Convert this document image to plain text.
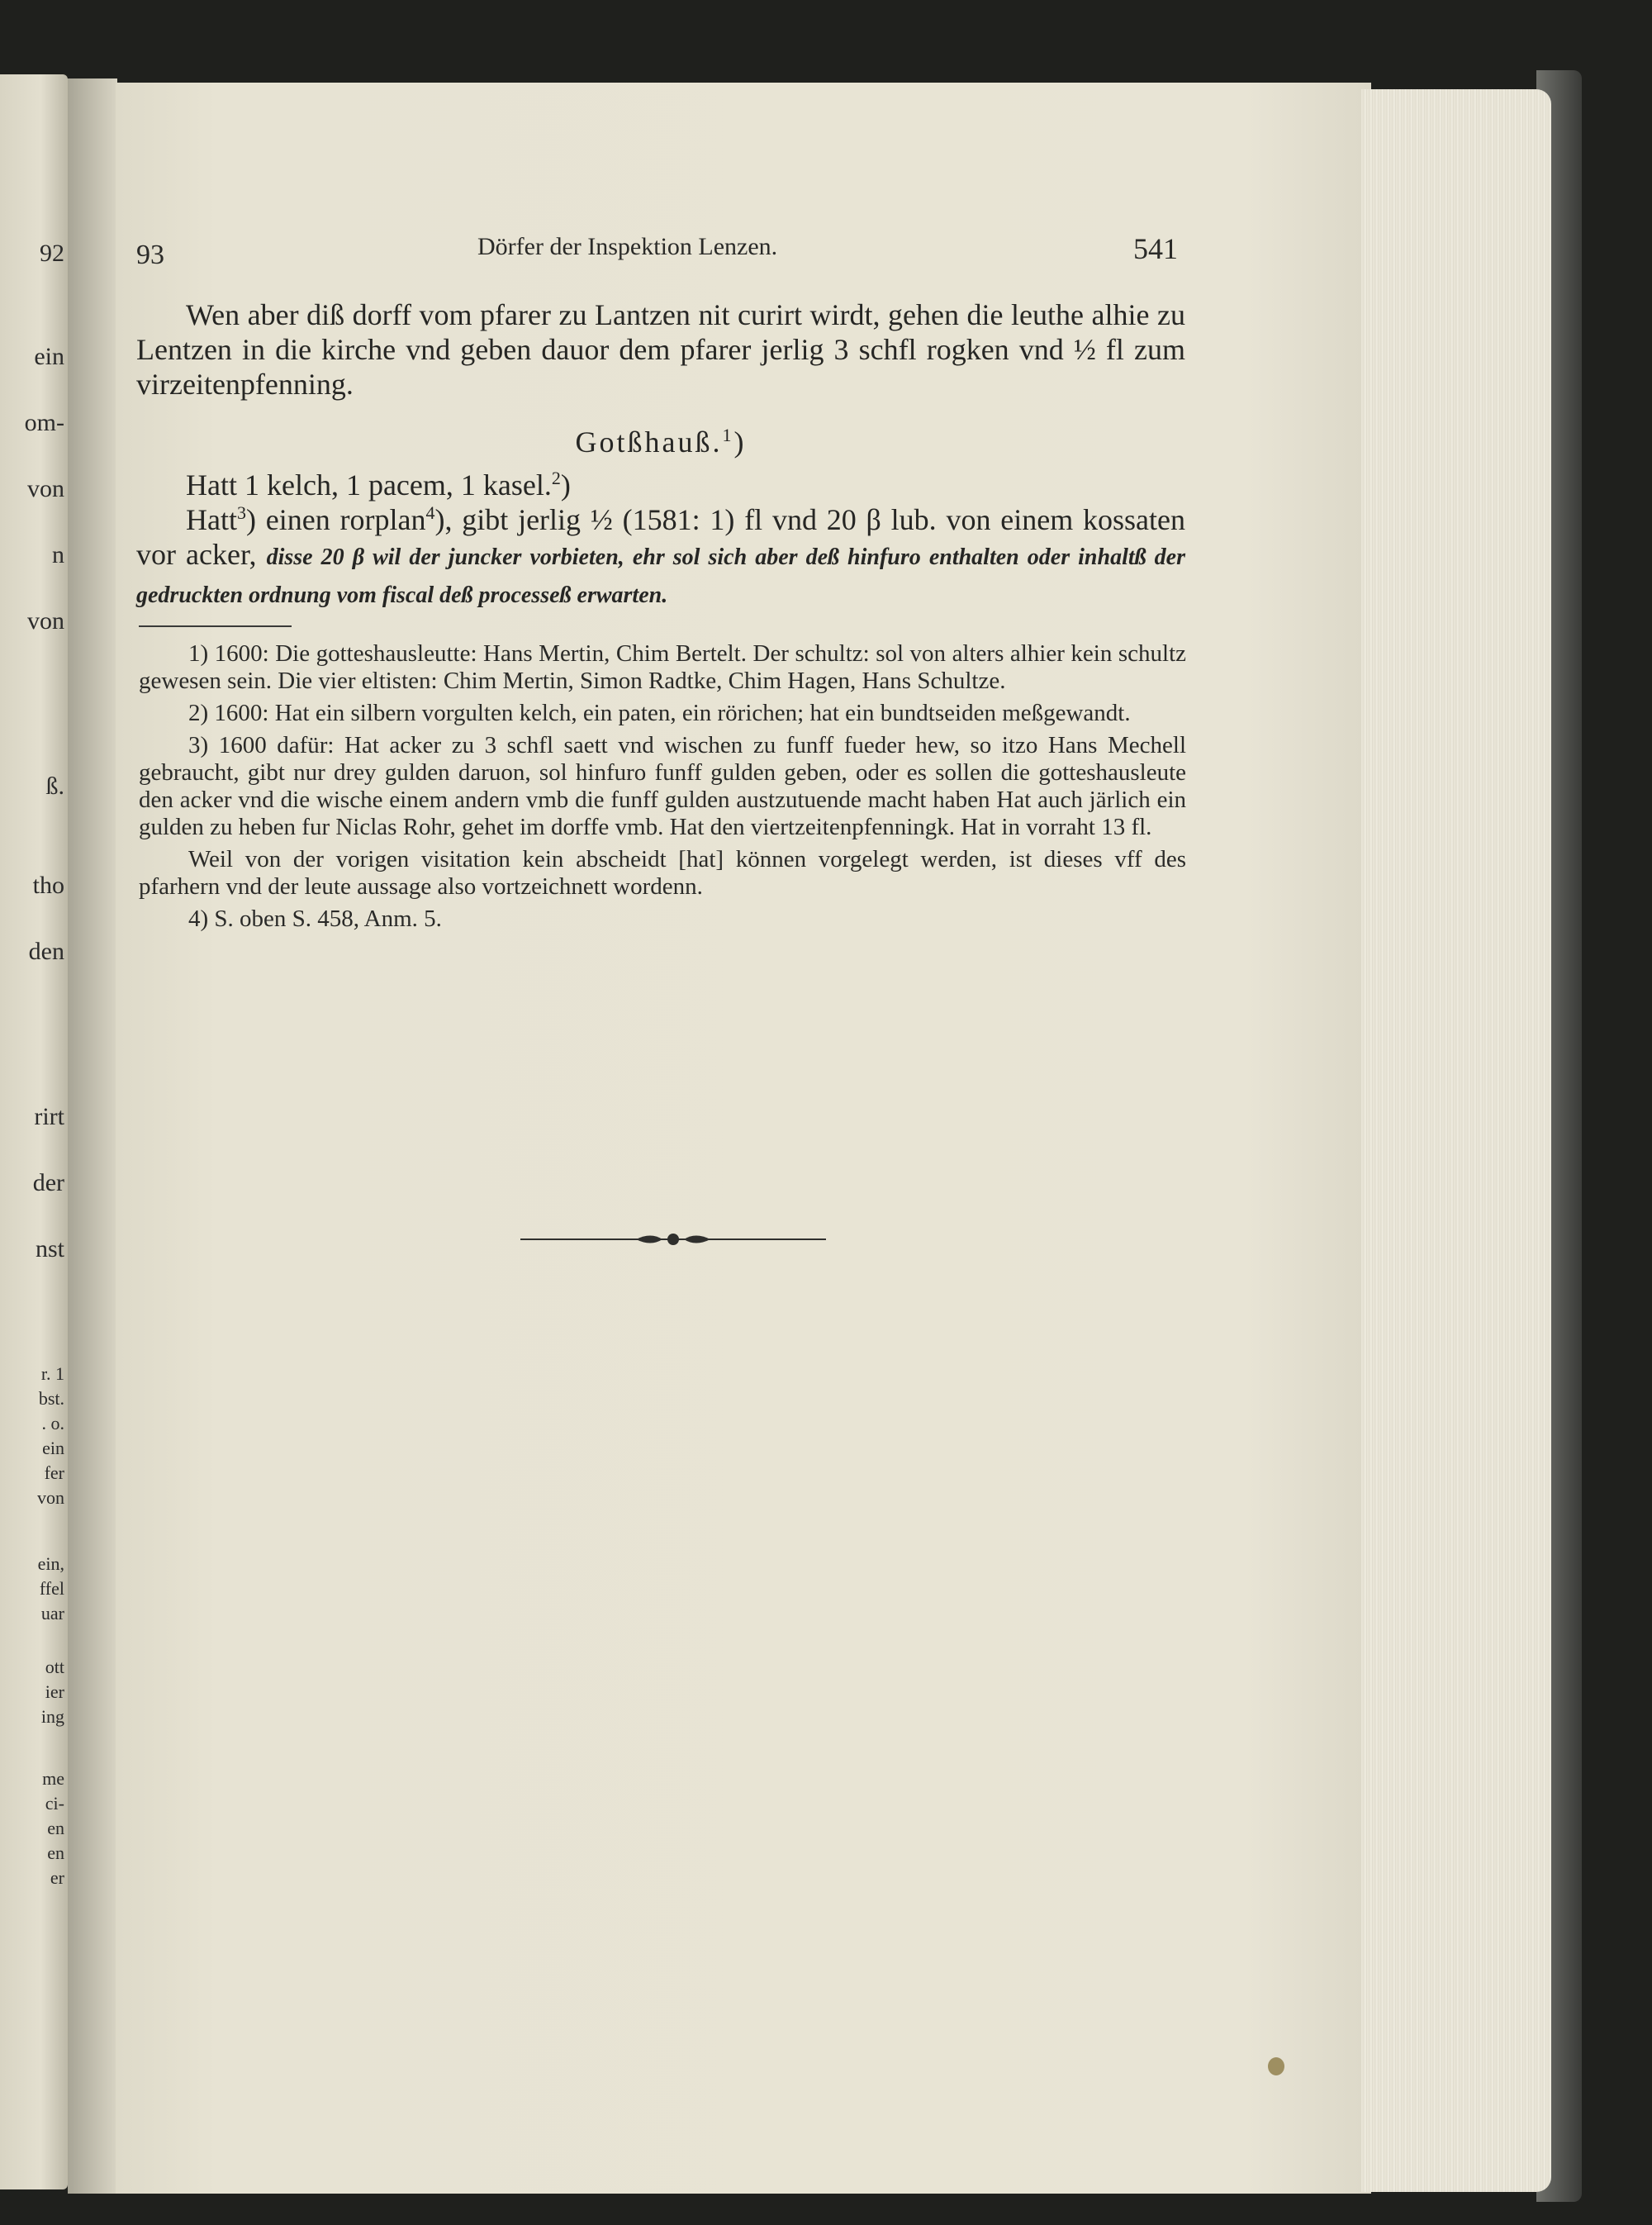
92
ein
om-
von
n
von
ß.
tho
den
rirt
der
nst
r. 1
bst.
. o.
ein
fer
von
ein,
ffel
uar
ott
ier
ing
me
ci-
en
en
er
93	Dörfer der Inspektion Lenzen.	541

Wen aber diß dorff vom pfarer zu Lantzen nit curirt wirdt, gehen die leuthe alhie zu Lentzen in die kirche vnd geben dauor dem pfarer jerlig 3 schfl rogken vnd ½ fl zum virzeitenpfenning.

Gotßhauß.$^1$)

Hatt 1 kelch, 1 pacem, 1 kasel.$^2$)

Hatt$^3$) einen rorplan$^4$), gibt jerlig ½ (1581: 1) fl vnd 20 β lub. von einem kossaten vor acker, disse 20 β wil der juncker vorbieten, ehr sol sich aber deß hinfuro enthalten oder inhaltß der gedruckten ordnung vom fiscal deß processeß erwarten.

1) 1600: Die gotteshausleutte: Hans Mertin, Chim Bertelt. Der schultz: sol von alters alhier kein schultz gewesen sein. Die vier eltisten: Chim Mertin, Simon Radtke, Chim Hagen, Hans Schultze.

2) 1600: Hat ein silbern vorgulten kelch, ein paten, ein rörichen; hat ein bundtseiden meßgewandt.

3) 1600 dafür: Hat acker zu 3 schfl saett vnd wischen zu funff fueder hew, so itzo Hans Mechell gebraucht, gibt nur drey gulden daruon, sol hinfuro funff gulden geben, oder es sollen die gotteshausleute den acker vnd die wische einem andern vmb die funff gulden austzutuende macht haben Hat auch järlich ein gulden zu heben fur Niclas Rohr, gehet im dorffe vmb. Hat den viertzeitenpfenningk. Hat in vorraht 13 fl.

Weil von der vorigen visitation kein abscheidt [hat] können vorgelegt werden, ist dieses vff des pfarhern vnd der leute aussage also vortzeichnett wordenn.

4) S. oben S. 458, Anm. 5.
